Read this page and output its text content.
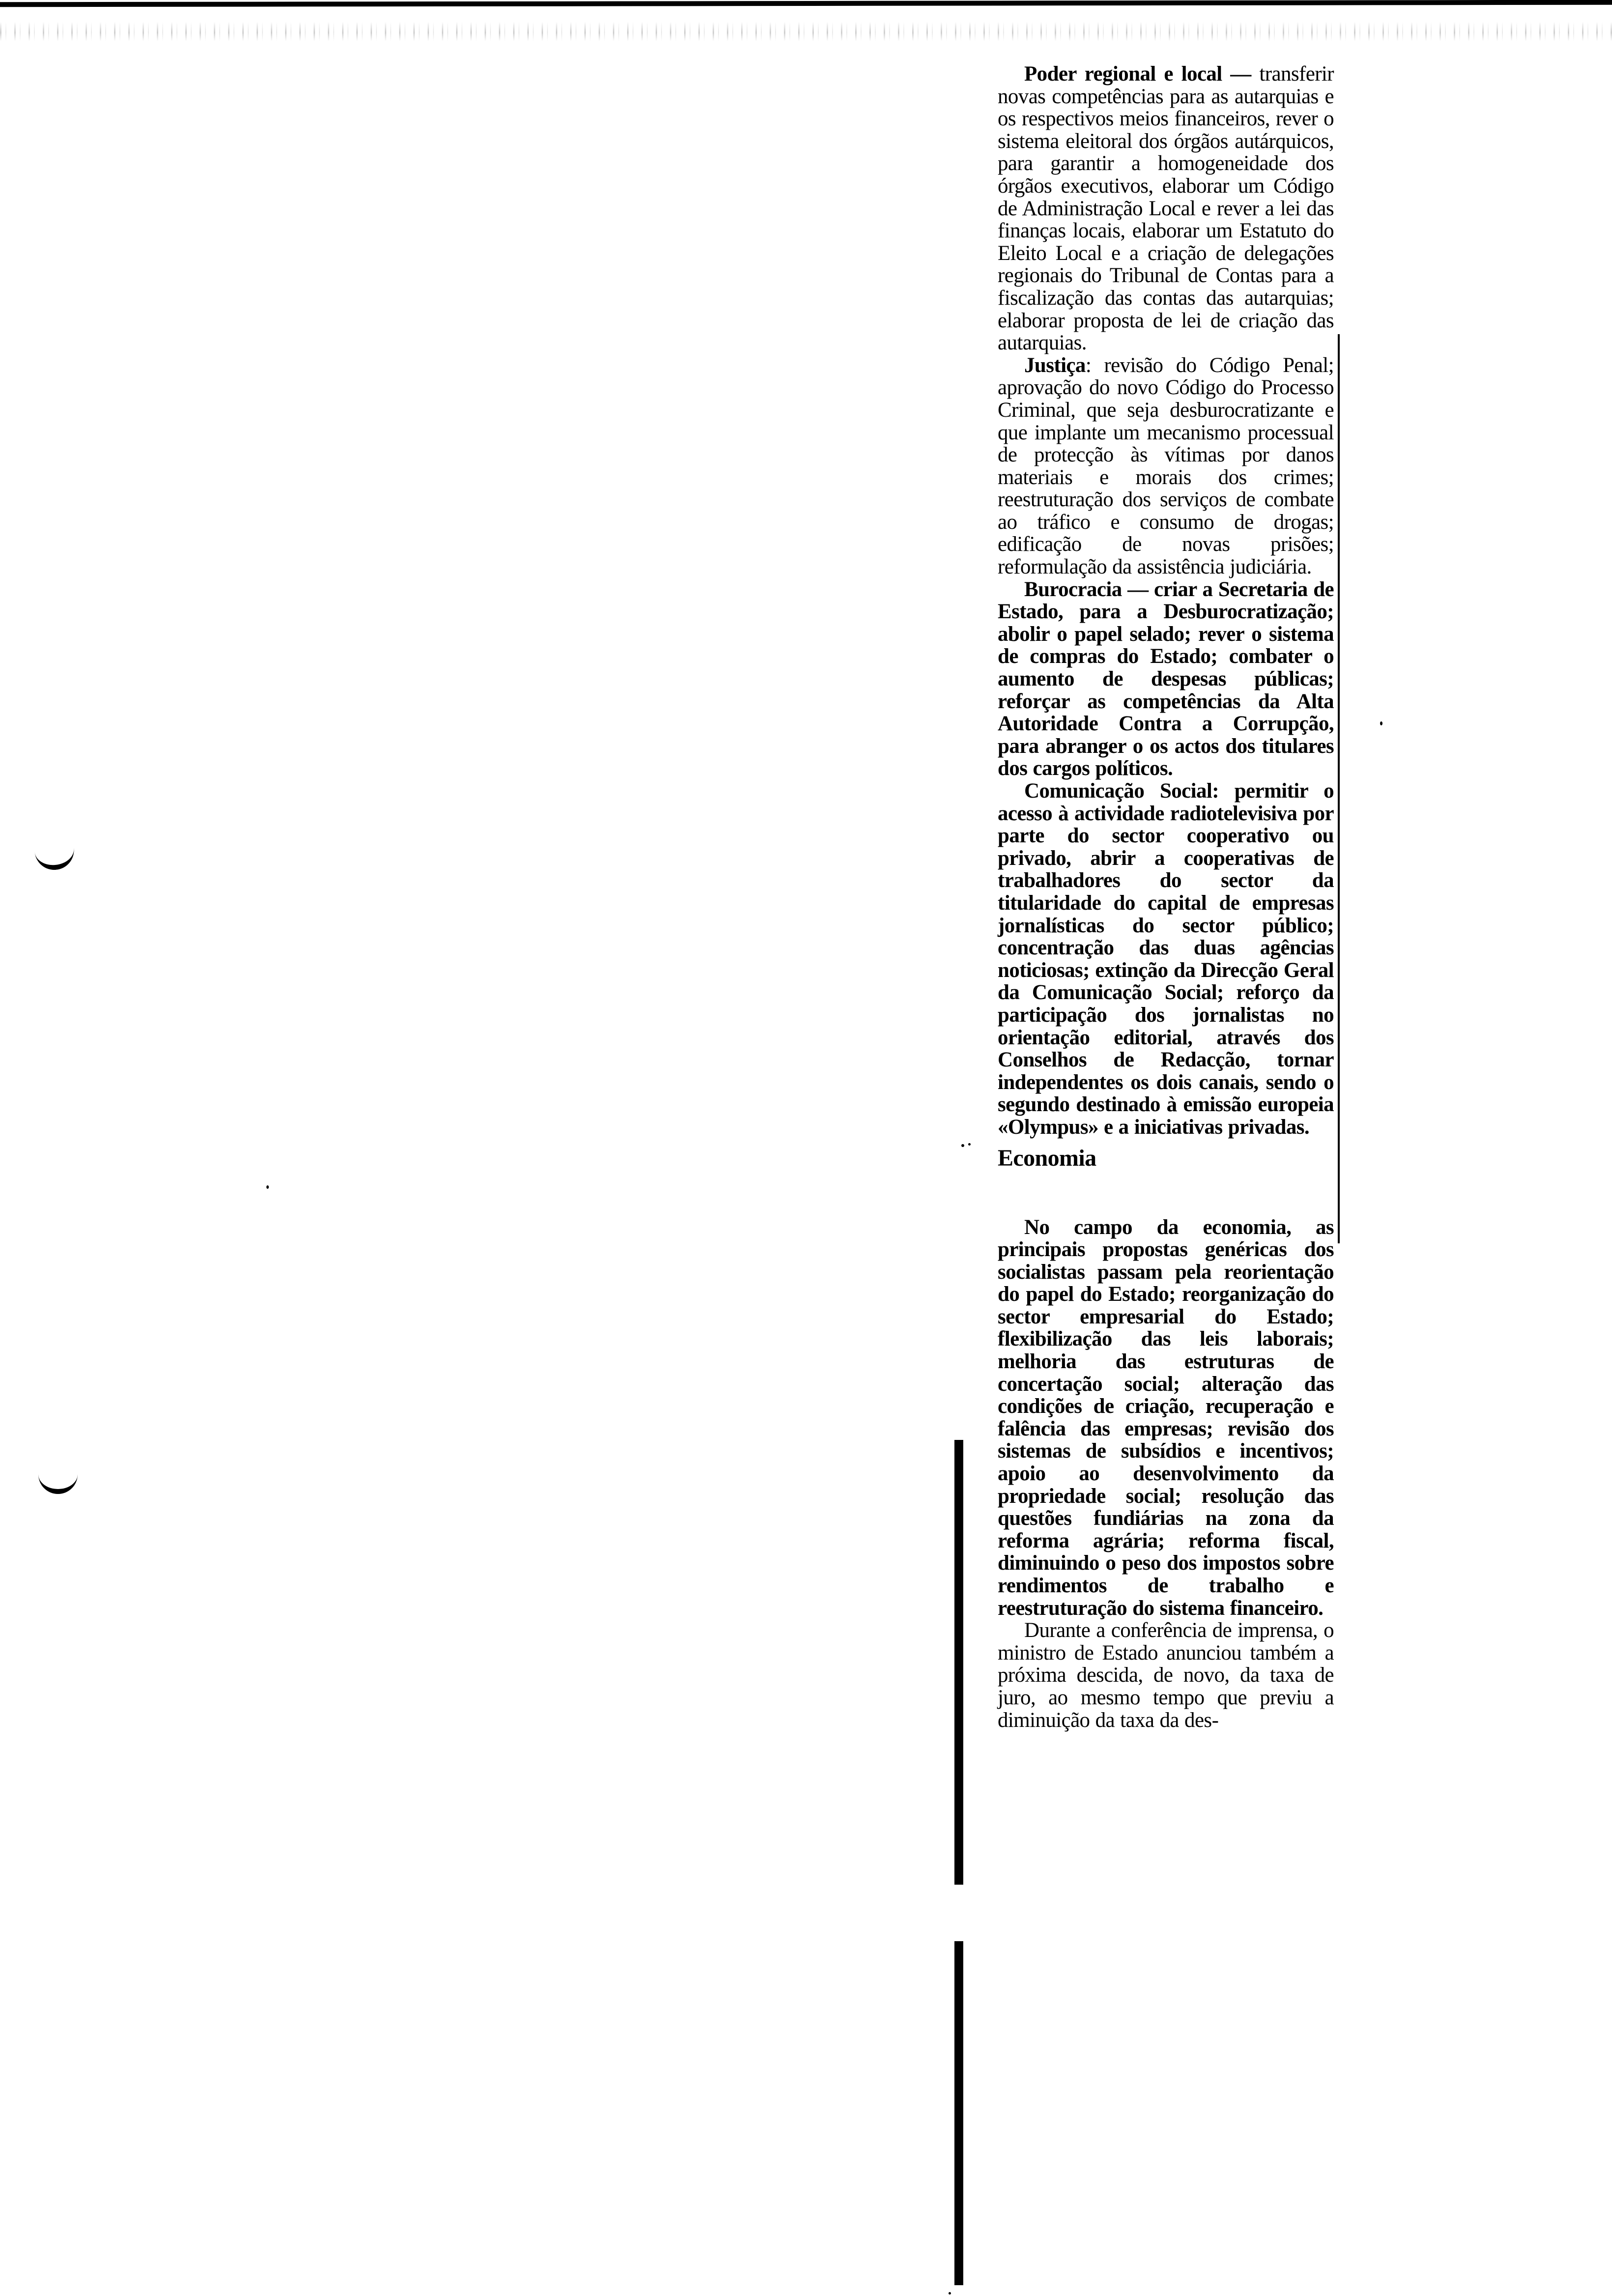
Poder regional e local — transferir novas competências para as autarquias e os respectivos meios financeiros, rever o sistema eleitoral dos órgãos autárquicos, para garantir a homogeneidade dos órgãos executivos, elaborar um Código de Administração Local e rever a lei das finanças locais, elaborar um Estatuto do Eleito Local e a criação de delegações regionais do Tribunal de Contas para a fiscalização das contas das autarquias; elaborar proposta de lei de criação das autarquias.

Justiça: revisão do Código Penal; aprovação do novo Código do Processo Criminal, que seja desburocratizante e que implante um mecanismo processual de protecção às vítimas por danos materiais e morais dos crimes; reestruturação dos serviços de combate ao tráfico e consumo de drogas; edificação de novas prisões; reformulação da assistência judiciária.

Burocracia — criar a Secretaria de Estado, para a Desburocratização; abolir o papel selado; rever o sistema de compras do Estado; combater o aumento de despesas públicas; reforçar as competências da Alta Autoridade Contra a Corrupção, para abranger o os actos dos titulares dos cargos políticos.

Comunicação Social: permitir o acesso à actividade radiotelevisiva por parte do sector cooperativo ou privado, abrir a cooperativas de trabalhadores do sector da titularidade do capital de empresas jornalísticas do sector público; concentração das duas agências noticiosas; extinção da Direcção Geral da Comunicação Social; reforço da participação dos jornalistas no orientação editorial, através dos Conselhos de Redacção, tornar independentes os dois canais, sendo o segundo destinado à emissão europeia «Olympus» e a iniciativas privadas.

Economia

No campo da economia, as principais propostas genéricas dos socialistas passam pela reorientação do papel do Estado; reorganização do sector empresarial do Estado; flexibilização das leis laborais; melhoria das estruturas de concertação social; alteração das condições de criação, recuperação e falência das empresas; revisão dos sistemas de subsídios e incentivos; apoio ao desenvolvimento da propriedade social; resolução das questões fundiárias na zona da reforma agrária; reforma fiscal, diminuindo o peso dos impostos sobre rendimentos de trabalho e reestruturação do sistema financeiro.

Durante a conferência de imprensa, o ministro de Estado anunciou também a próxima descida, de novo, da taxa de juro, ao mesmo tempo que previu a diminuição da taxa da des-
